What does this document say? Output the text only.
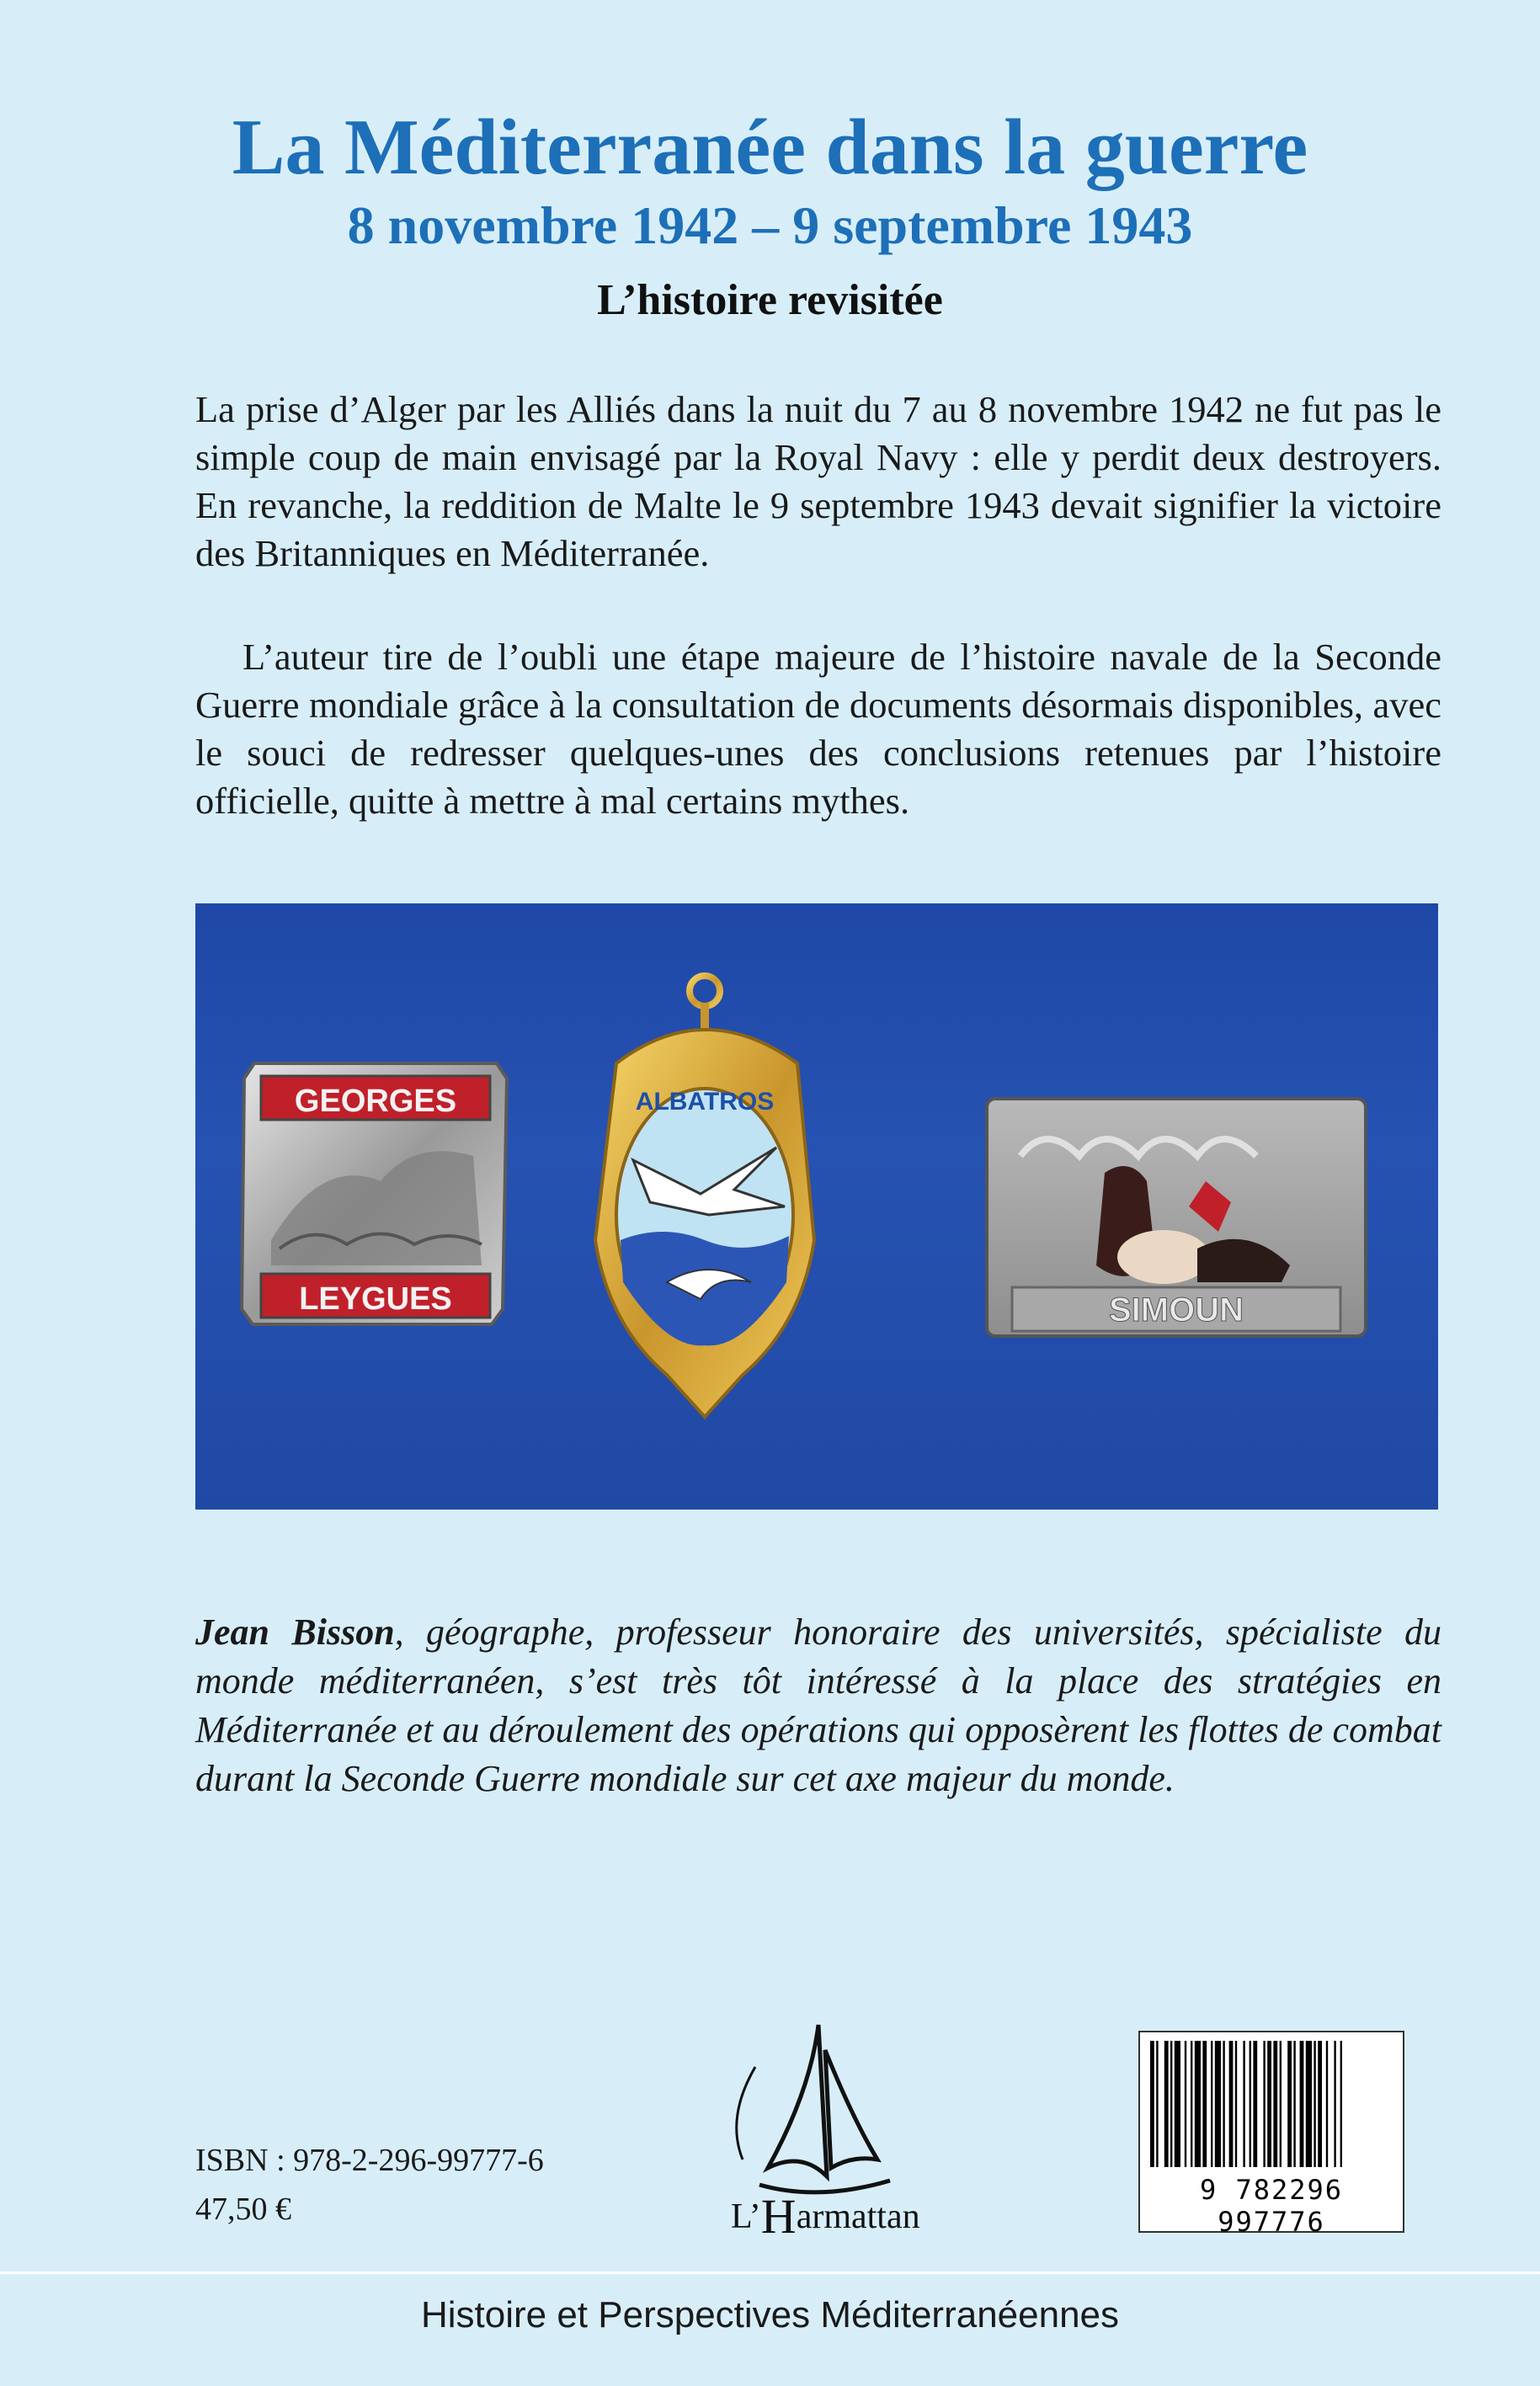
La Méditerranée dans la guerre
8 novembre 1942 – 9 septembre 1943
L’histoire revisitée

La prise d’Alger par les Alliés dans la nuit du 7 au 8 novembre 1942 ne fut pas le simple coup de main envisagé par la Royal Navy : elle y perdit deux destroyers. En revanche, la reddition de Malte le 9 septembre 1943 devait signifier la victoire des Britanniques en Méditerranée.

L’auteur tire de l’oubli une étape majeure de l’histoire navale de la Seconde Guerre mondiale grâce à la consultation de documents désormais disponibles, avec le souci de redresser quelques-unes des conclusions retenues par l’histoire officielle, quitte à mettre à mal certains mythes.

GEORGES
LEYGUES
ALBATROS
SIMOUN

Jean Bisson, géographe, professeur honoraire des universités, spécialiste du monde méditerranéen, s’est très tôt intéressé à la place des stratégies en Méditerranée et au déroulement des opérations qui opposèrent les flottes de combat durant la Seconde Guerre mondiale sur cet axe majeur du monde.

ISBN : 978-2-296-99777-6
47,50 €	L’Harmattan
9 782296 997776
Histoire et Perspectives Méditerranéennes
